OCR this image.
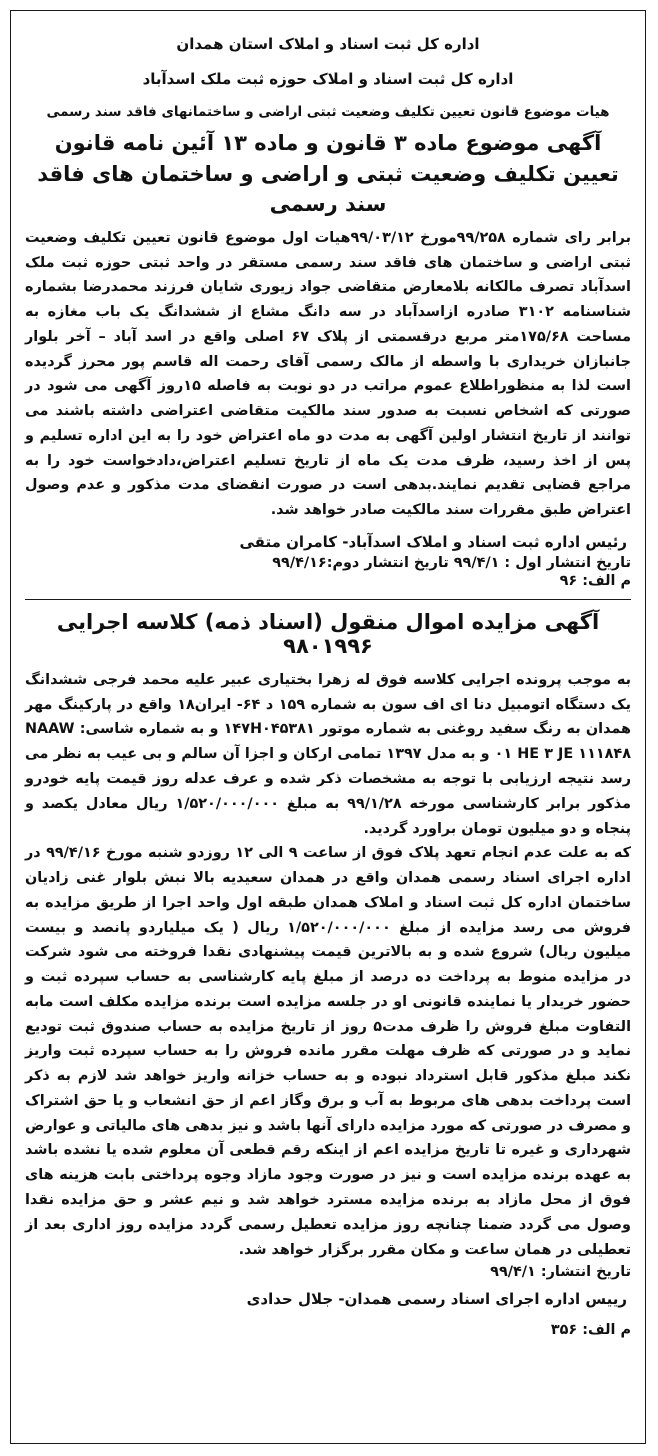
اداره کل ثبت اسناد و املاک استان همدان

اداره کل ثبت اسناد و املاک حوزه ثبت ملک اسدآباد

هیات موضوع قانون تعیین تکلیف وضعیت ثبتی اراضی و ساختمانهای فاقد سند رسمی

آگهی موضوع ماده ۳ قانون و ماده ۱۳ آئین نامه قانون تعیین تکلیف وضعیت ثبتی و اراضی و ساختمان های فاقد سند رسمی

برابر رای شماره ۹۹/۲۵۸مورخ ۹۹/۰۳/۱۲هیات اول موضوع قانون تعیین تکلیف وضعیت ثبتی اراضی و ساختمان های فاقد سند رسمی مستقر در واحد ثبتی حوزه ثبت ملک اسدآباد تصرف مالکانه بلامعارض متقاضی جواد زیوری شایان فرزند محمدرضا بشماره شناسنامه ۳۱۰۲ صادره ازاسدآباد در سه دانگ مشاع از ششدانگ یک باب مغازه به مساحت ۱۷۵/۶۸متر مربع درقسمتی از پلاک ۶۷ اصلی واقع در اسد آباد – آخر بلوار جانبازان خریداری با واسطه از مالک رسمی آقای رحمت اله قاسم پور محرز گردیده است لذا به منظوراطلاع عموم مراتب در دو نوبت به فاصله ۱۵روز آگهی می شود در صورتی که اشخاص نسبت به صدور سند مالکیت متقاضی اعتراضی داشته باشند می توانند از تاریخ انتشار اولین آگهی به مدت دو ماه اعتراض خود را به این اداره تسلیم و پس از اخذ رسید، ظرف مدت یک ماه از تاریخ تسلیم اعتراض،دادخواست خود را به مراجع قضایی تقدیم نمایند.بدهی است در صورت انقضای مدت مذکور و عدم وصول اعتراض طبق مقررات سند مالکیت صادر خواهد شد.

رئیس اداره ثبت اسناد و املاک اسدآباد- کامران متقی

تاریخ انتشار اول : ۹۹/۴/۱ تاریخ انتشار دوم:۹۹/۴/۱۶

م الف: ۹۶

آگهی مزایده اموال منقول (اسناد ذمه) کلاسه اجرایی ۹۸۰۱۹۹۶

به موجب پرونده اجرایی کلاسه فوق له زهرا بختیاری عبیر علیه محمد فرجی ششدانگ یک دستگاه اتومبیل دنا ای اف سون به شماره ۱۵۹ د ۶۴- ایران۱۸ واقع در پارکینگ مهر همدان به رنگ سفید روغنی به شماره موتور ۱۴۷H۰۴۵۳۸۱ و به شماره شاسی: NAAW ۰۱ HE ۳ JE ۱۱۱۸۴۸ و به مدل ۱۳۹۷ تمامی ارکان و اجزا آن سالم و بی عیب به نظر می رسد نتیجه ارزیابی با توجه به مشخصات ذکر شده و عرف عدله روز قیمت پایه خودرو مذکور برابر کارشناسی مورخه ۹۹/۱/۲۸ به مبلغ ۱/۵۲۰/۰۰۰/۰۰۰ ریال معادل یکصد و پنجاه و دو میلیون تومان براورد گردید.

که به علت عدم انجام تعهد پلاک فوق از ساعت ۹ الی ۱۲ روزدو شنبه مورخ ۹۹/۴/۱۶ در اداره اجرای اسناد رسمی همدان واقع در همدان سعیدیه بالا نبش بلوار غنی زادیان ساختمان اداره کل ثبت اسناد و املاک همدان طبقه اول واحد اجرا از طریق مزایده به فروش می رسد مزایده از مبلغ ۱/۵۲۰/۰۰۰/۰۰۰ ریال ( یک میلیاردو پانصد و بیست میلیون ریال) شروع شده و به بالاترین قیمت پیشنهادی نقدا فروخته می شود شرکت در مزایده منوط به پرداخت ده درصد از مبلغ پایه کارشناسی به حساب سپرده ثبت و حضور خریدار یا نماینده قانونی او در جلسه مزایده است برنده مزایده مکلف است مابه التفاوت مبلغ فروش را ظرف مدت۵ روز از تاریخ مزایده به حساب صندوق ثبت تودیع نماید و در صورتی که ظرف مهلت مقرر مانده فروش را به حساب سپرده ثبت واریز نکند مبلغ مذکور قابل استرداد نبوده و به حساب خزانه واریز خواهد شد لازم به ذکر است پرداخت بدهی های مربوط به آب و برق وگاز اعم از حق انشعاب و یا حق اشتراک و مصرف در صورتی که مورد مزایده دارای آنها باشد و نیز بدهی های مالیاتی و عوارض شهرداری و غیره تا تاریخ مزایده اعم از اینکه رقم قطعی آن معلوم شده یا نشده باشد به عهده برنده مزایده است و نیز در صورت وجود مازاد وجوه پرداختی بابت هزینه های فوق از محل مازاد به برنده مزایده مسترد خواهد شد و نیم عشر و حق مزایده نقدا وصول می گردد ضمنا چنانچه روز مزایده تعطیل رسمی گردد مزایده روز اداری بعد از تعطیلی در همان ساعت و مکان مقرر برگزار خواهد شد.

تاریخ انتشار: ۹۹/۴/۱

رییس اداره اجرای اسناد رسمی همدان- جلال حدادی

م الف: ۳۵۶
